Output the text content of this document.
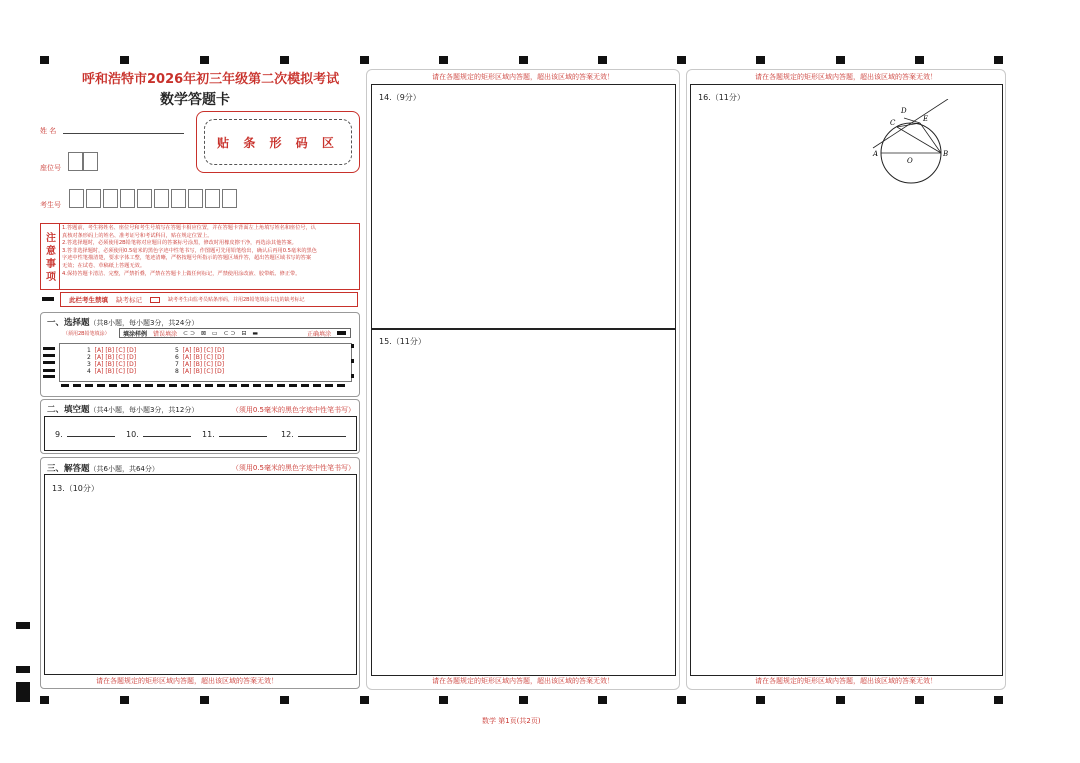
呼和浩特市2026年初三年级第二次模拟考试
数学答题卡
姓 名
座位号
考生号
贴 条 形 码 区
注
意
事
项
1.答题前，考生将姓名、座位号和考生号填写在答题卡相应位置，并在答题卡背面左上角填写姓名和座位号，认
真核对条形码上的姓名、准考证号和考试科目，贴在规定位置上。
2.答选择题时，必须使用2B铅笔将对应题目的答案标号涂黑，修改时用橡皮擦干净，再选涂其他答案。
3.答非选择题时，必须使用0.5毫米的黑色字迹中性笔书写，作图题可先用铅笔绘出，确认后再用0.5毫米的黑色
字迹中性笔描清楚，要求字体工整，笔迹清晰，严格按题号所指示的答题区域作答，超出答题区域书写的答案
无效；在试卷、草稿纸上答题无效。
4.保持答题卡清洁、完整，严禁折叠，严禁在答题卡上做任何标记，严禁使用涂改液、胶带纸、修正带。
此栏考生禁填 缺考标记	缺考考生由监考员贴条形码，并用2B铅笔填涂右边的缺考标记
一、选择题（共8小题，每小题3分，共24分）
（须用2B铅笔填涂） 填涂样例 错误填涂 ⊂⊃ ⊠ ▭ ⊂⊃ ⊟ ▬	正确填涂
1 [A] [B] [C] [D]
2 [A] [B] [C] [D]
3 [A] [B] [C] [D]
4 [A] [B] [C] [D]
5 [A] [B] [C] [D]
6 [A] [B] [C] [D]
7 [A] [B] [C] [D]
8 [A] [B] [C] [D]
二、填空题（共4小题，每小题3分，共12分）	（须用0.5毫米的黑色字迹中性笔书写）
9.	10.	11.	12.
三、解答题（共6小题，共64分）	（须用0.5毫米的黑色字迹中性笔书写）
13.（10分）
请在各题规定的矩形区域内答题，超出该区域的答案无效！
请在各题规定的矩形区域内答题，超出该区域的答案无效！
14.（9分）
15.（11分）
请在各题规定的矩形区域内答题，超出该区域的答案无效！
请在各题规定的矩形区域内答题，超出该区域的答案无效！
16.（11分）
A	B
C
D
E
O
请在各题规定的矩形区域内答题，超出该区域的答案无效！
数学 第1页(共2页)
